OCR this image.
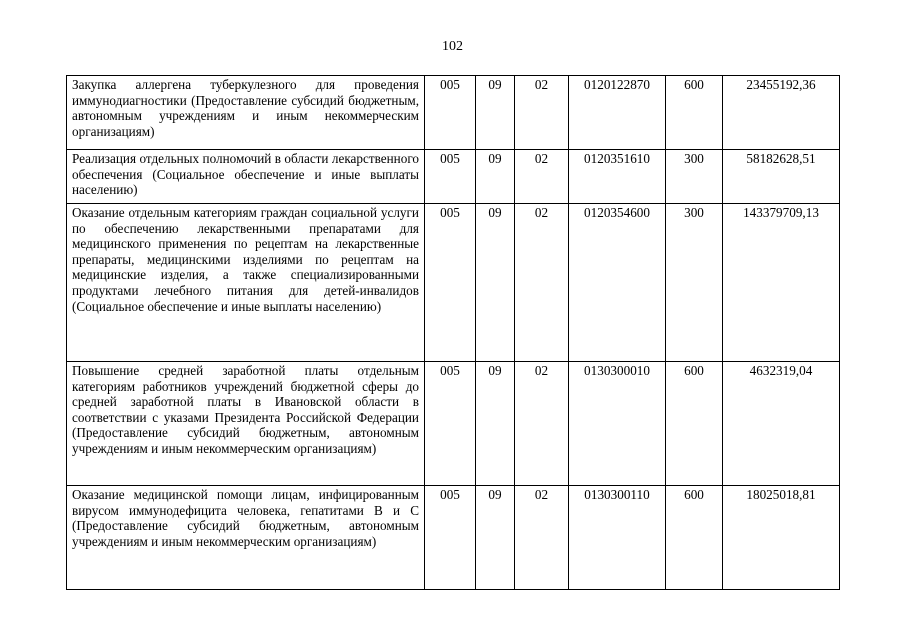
102
Закупка аллергена туберкулезного для проведения иммунодиагностики (Предоставление субсидий бюджетным, автономным учреждениям и иным некоммерческим организациям)	005	09	02	0120122870	600	23455192,36
Реализация отдельных полномочий в области лекарственного обеспечения (Социальное обеспечение и иные выплаты населению)	005	09	02	0120351610	300	58182628,51
Оказание отдельным категориям граждан социальной услуги по обеспечению лекарственными препаратами для медицинского применения по рецептам на лекарственные препараты, медицинскими изделиями по рецептам на медицинские изделия, а также специализированными продуктами лечебного питания для детей-инвалидов (Социальное обеспечение и иные выплаты населению)	005	09	02	0120354600	300	143379709,13
Повышение средней заработной платы отдельным категориям работников учреждений бюджетной сферы до средней заработной платы в Ивановской области в соответствии с указами Президента Российской Федерации (Предоставление субсидий бюджетным, автономным учреждениям и иным некоммерческим организациям)	005	09	02	0130300010	600	4632319,04
Оказание медицинской помощи лицам, инфицированным вирусом иммунодефицита человека, гепатитами B и C (Предоставление субсидий бюджетным, автономным учреждениям и иным некоммерческим организациям)	005	09	02	0130300110	600	18025018,81
